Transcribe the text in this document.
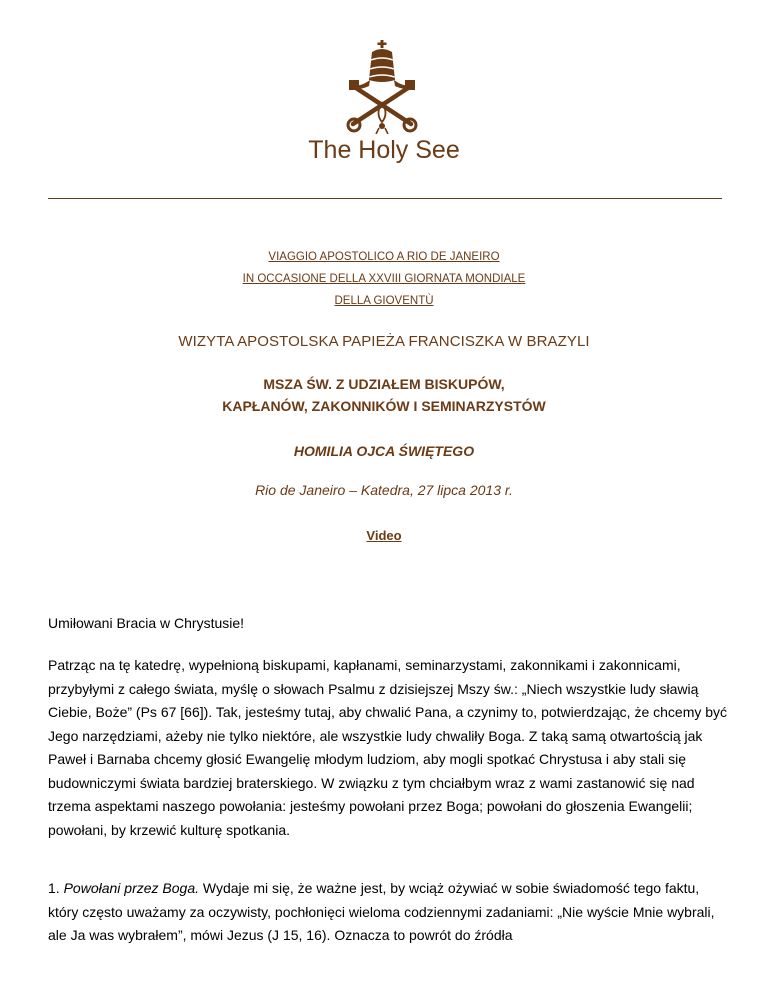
The Holy See
VIAGGIO APOSTOLICO A RIO DE JANEIRO
IN OCCASIONE DELLA XXVIII GIORNATA MONDIALE
DELLA GIOVENTÙ
WIZYTA APOSTOLSKA PAPIEŻA FRANCISZKA W BRAZYLI
MSZA ŚW. Z UDZIAŁEM BISKUPÓW,
KAPŁANÓW, ZAKONNIKÓW I SEMINARZYSTÓW
HOMILIA OJCA ŚWIĘTEGO
Rio de Janeiro – Katedra, 27 lipca 2013 r.
Video

Umiłowani Bracia w Chrystusie!

Patrząc na tę katedrę, wypełnioną biskupami, kapłanami, seminarzystami, zakonnikami i zakonnicami, przybyłymi z całego świata, myślę o słowach Psalmu z dzisiejszej Mszy św.: „Niech wszystkie ludy sławią Ciebie, Boże” (Ps 67 [66]). Tak, jesteśmy tutaj, aby chwalić Pana, a czynimy to, potwierdzając, że chcemy być Jego narzędziami, ażeby nie tylko niektóre, ale wszystkie ludy chwaliły Boga. Z taką samą otwartością jak Paweł i Barnaba chcemy głosić Ewangelię młodym ludziom, aby mogli spotkać Chrystusa i aby stali się budowniczymi świata bardziej braterskiego. W związku z tym chciałbym wraz z wami zastanowić się nad trzema aspektami naszego powołania: jesteśmy powołani przez Boga; powołani do głoszenia Ewangelii; powołani, by krzewić kulturę spotkania.

1. Powołani przez Boga. Wydaje mi się, że ważne jest, by wciąż ożywiać w sobie świadomość tego faktu, który często uważamy za oczywisty, pochłonięci wieloma codziennymi zadaniami: „Nie wyście Mnie wybrali, ale Ja was wybrałem”, mówi Jezus (J 15, 16). Oznacza to powrót do źródła
